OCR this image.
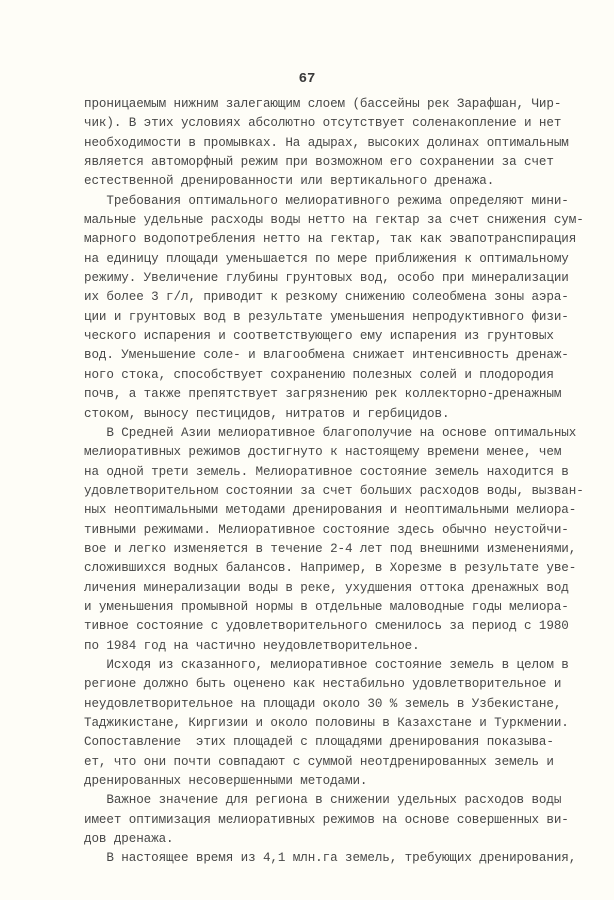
67
проницаемым нижним залегающим слоем (бассейны рек Зарафшан, Чир-
чик). В этих условиях абсолютно отсутствует соленакопление и нет
необходимости в промывках. На адырах, высоких долинах оптимальным
является автоморфный режим при возможном его сохранении за счет
естественной дренированности или вертикального дренажа.
Требования оптимального мелиоративного режима определяют мини-
мальные удельные расходы воды нетто на гектар за счет снижения сум-
марного водопотребления нетто на гектар, так как эвапотранспирация
на единицу площади уменьшается по мере приближения к оптимальному
режиму. Увеличение глубины грунтовых вод, особо при минерализации
их более 3 г/л, приводит к резкому снижению солеобмена зоны аэра-
ции и грунтовых вод в результате уменьшения непродуктивного физи-
ческого испарения и соответствующего ему испарения из грунтовых
вод. Уменьшение соле- и влагообмена снижает интенсивность дренаж-
ного стока, способствует сохранению полезных солей и плодородия
почв, а также препятствует загрязнению рек коллекторно-дренажным
стоком, выносу пестицидов, нитратов и гербицидов.
В Средней Азии мелиоративное благополучие на основе оптимальных
мелиоративных режимов достигнуто к настоящему времени менее, чем
на одной трети земель. Мелиоративное состояние земель находится в
удовлетворительном состоянии за счет больших расходов воды, вызван-
ных неоптимальными методами дренирования и неоптимальными мелиора-
тивными режимами. Мелиоративное состояние здесь обычно неустойчи-
вое и легко изменяется в течение 2-4 лет под внешними изменениями,
сложившихся водных балансов. Например, в Хорезме в результате уве-
личения минерализации воды в реке, ухудшения оттока дренажных вод
и уменьшения промывной нормы в отдельные маловодные годы мелиора-
тивное состояние с удовлетворительного сменилось за период с 1980
по 1984 год на частично неудовлетворительное.
Исходя из сказанного, мелиоративное состояние земель в целом в
регионе должно быть оценено как нестабильно удовлетворительное и
неудовлетворительное на площади около 30 % земель в Узбекистане,
Таджикистане, Киргизии и около половины в Казахстане и Туркмении.
Сопоставление  этих площадей с площадями дренирования показыва-
ет, что они почти совпадают с суммой неотдренированных земель и
дренированных несовершенными методами.
Важное значение для региона в снижении удельных расходов воды
имеет оптимизация мелиоративных режимов на основе совершенных ви-
дов дренажа.
В настоящее время из 4,1 млн.га земель, требующих дренирования,
